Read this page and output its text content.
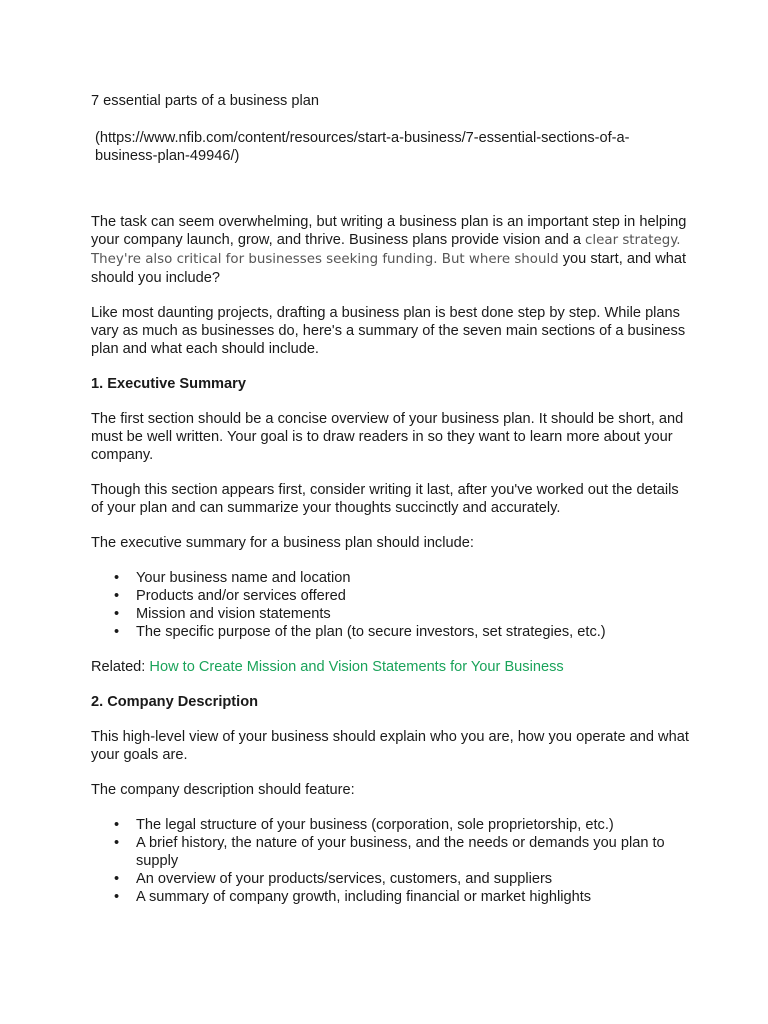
7 essential parts of a business plan

(https://www.nfib.com/content/resources/start-a-business/7-essential-sections-of-a-business-plan-49946/)

The task can seem overwhelming, but writing a business plan is an important step in helping your company launch, grow, and thrive. Business plans provide vision and a clear strategy. They're also critical for businesses seeking funding. But where should you start, and what should you include?

Like most daunting projects, drafting a business plan is best done step by step. While plans vary as much as businesses do, here's a summary of the seven main sections of a business plan and what each should include.

1. Executive Summary

The first section should be a concise overview of your business plan. It should be short, and must be well written. Your goal is to draw readers in so they want to learn more about your company.

Though this section appears first, consider writing it last, after you've worked out the details of your plan and can summarize your thoughts succinctly and accurately.

The executive summary for a business plan should include:

• Your business name and location
• Products and/or services offered
• Mission and vision statements
• The specific purpose of the plan (to secure investors, set strategies, etc.)

Related: How to Create Mission and Vision Statements for Your Business

2. Company Description

This high-level view of your business should explain who you are, how you operate and what your goals are.

The company description should feature:

• The legal structure of your business (corporation, sole proprietorship, etc.)
• A brief history, the nature of your business, and the needs or demands you plan to supply
• An overview of your products/services, customers, and suppliers
• A summary of company growth, including financial or market highlights
